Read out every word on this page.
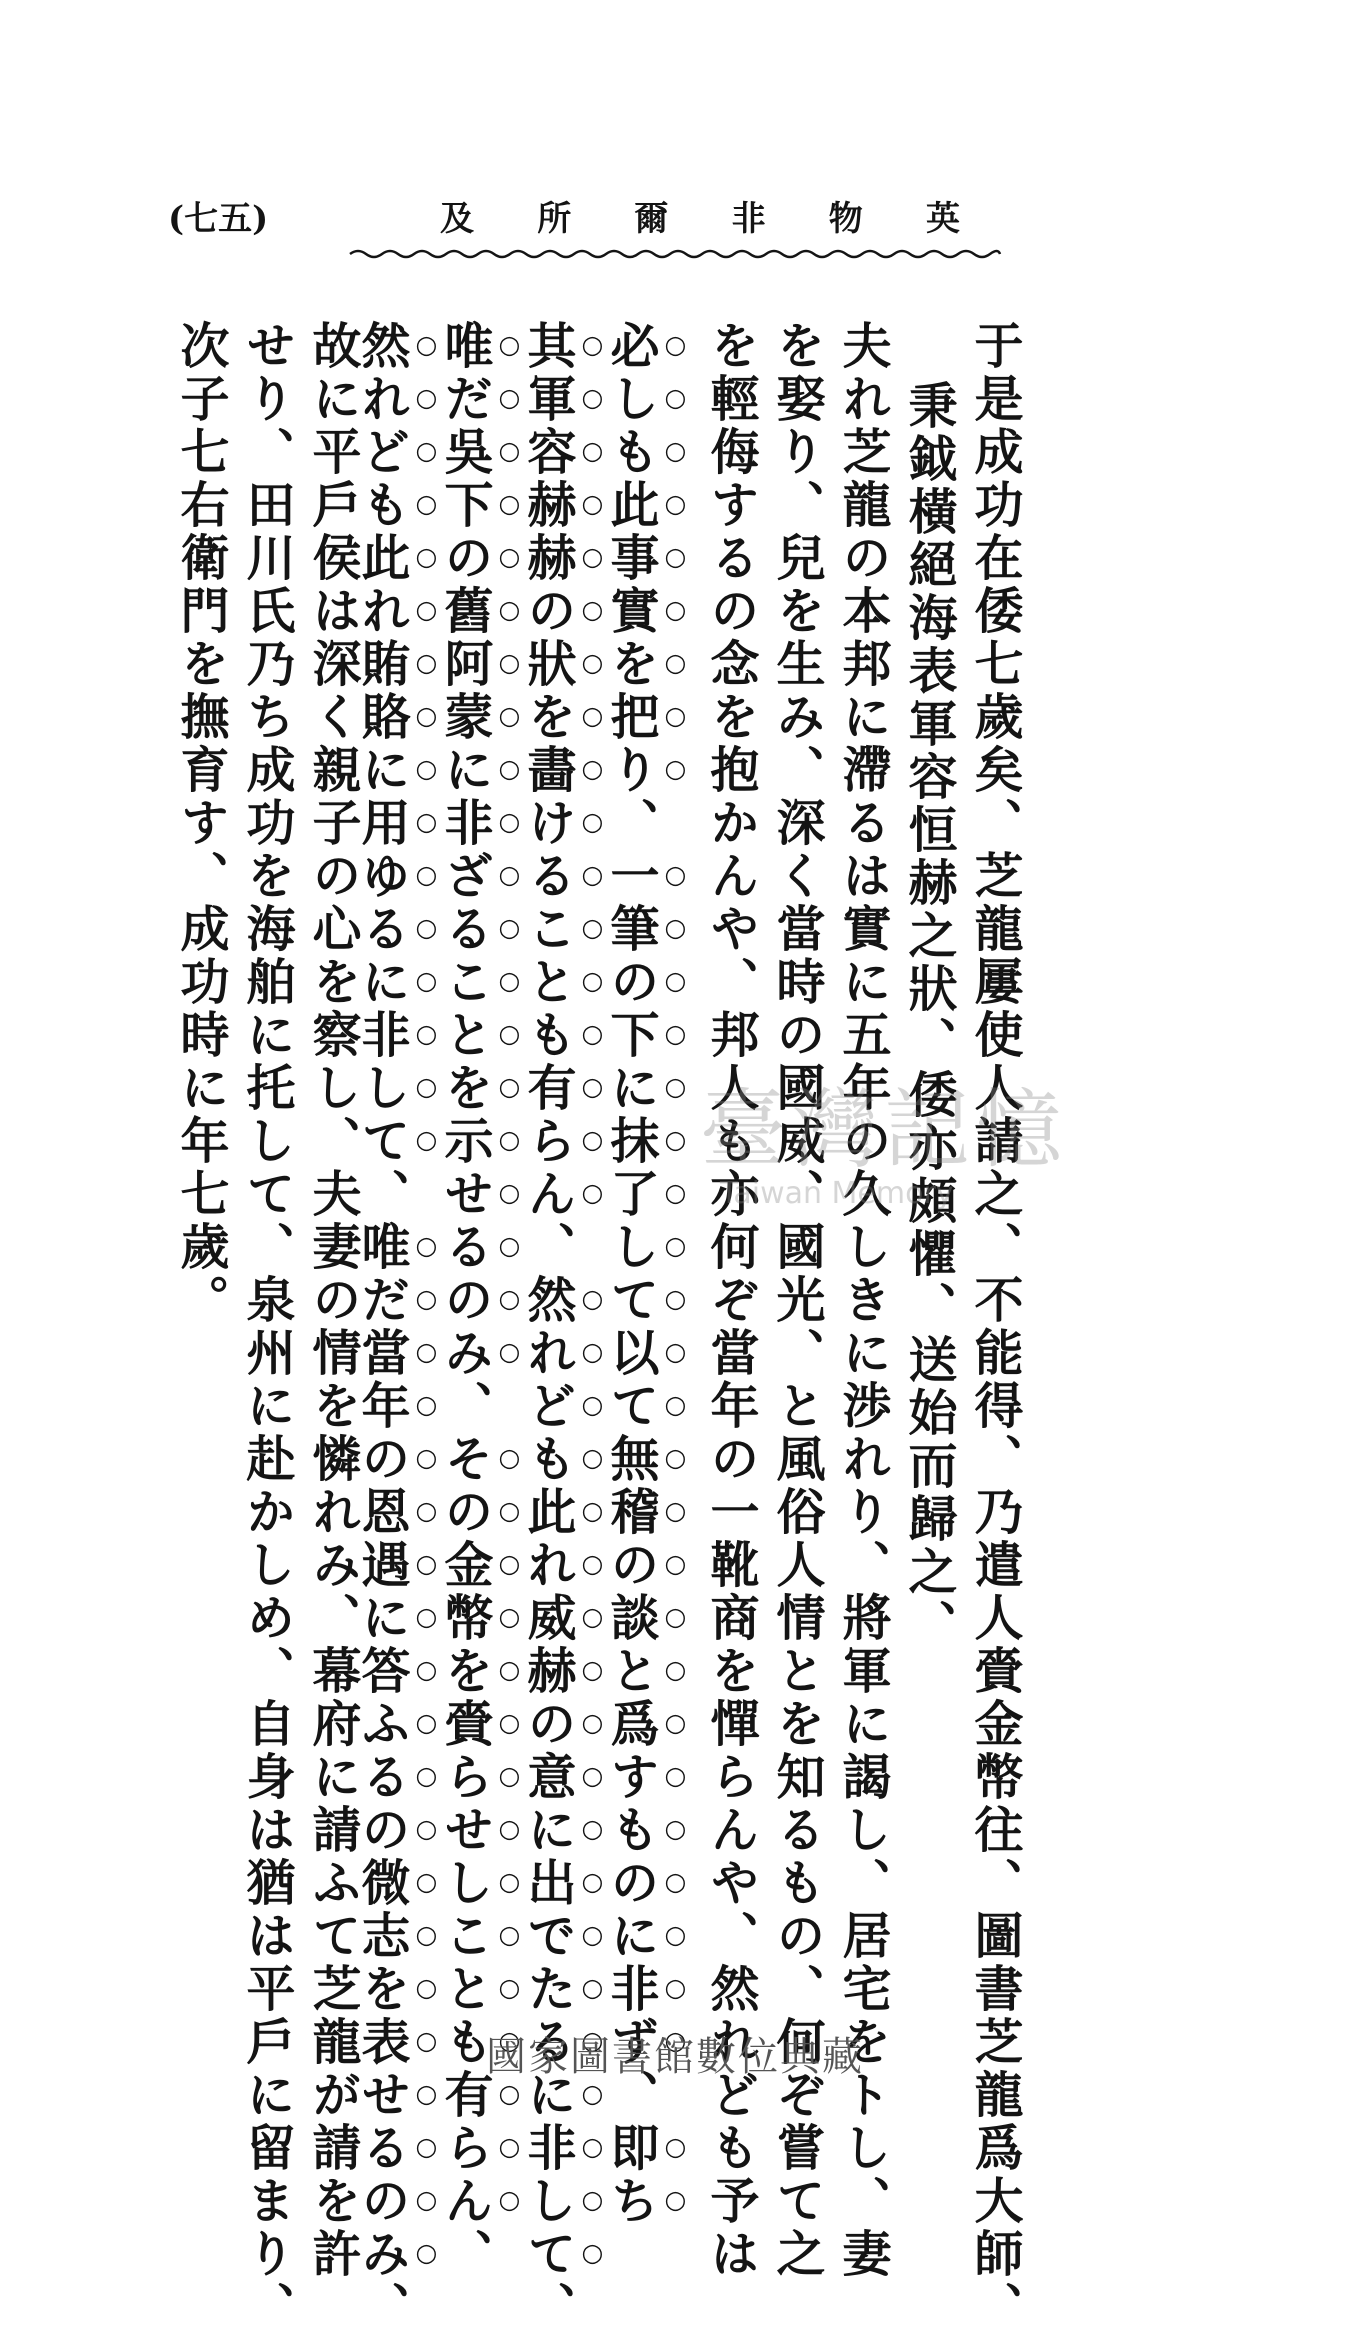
英
物
非
爾
所
及
(七五)
于是成功在倭七歲矣、芝龍屢使人請之、不能得、乃遣人賫金幣往、圖書芝龍爲大師、
秉鉞橫絕海表軍容恒赫之狀、倭亦頗懼、送始而歸之、
夫れ芝龍の本邦に滯るは實に五年の久しきに渉れり、將軍に謁し、居宅をトし、妻
を娶り、兒を生み、深く當時の國威、國光、と風俗人情とを知るもの、何ぞ嘗て之
を輕侮するの念を抱かんや、邦人も亦何ぞ當年の一靴商を憚らんや、然れども予は
必しも此事實を把り、一筆の下に抹了して以て無稽の談と爲すものに非ず、即ち
其軍容赫赫の狀を畵けることも有らん、然れども此れ威赫の意に出でたるに非して、
唯だ吳下の舊阿蒙に非ざることを示せるのみ、その金幣を賫らせしことも有らん、
然れども此れ賄賂に用ゆるに非して、唯だ當年の恩遇に答ふるの微志を表せるのみ、
故に平戶侯は深く親子の心を察し、夫妻の情を憐れみ、幕府に請ふて芝龍が請を許
せり、田川氏乃ち成功を海舶に托して、泉州に赴かしめ、自身は猶は平戶に留まり、
次子七右衛門を撫育す、成功時に年七歲。	臺灣記憶
Taiwan Memory
國家圖書館數位典藏
